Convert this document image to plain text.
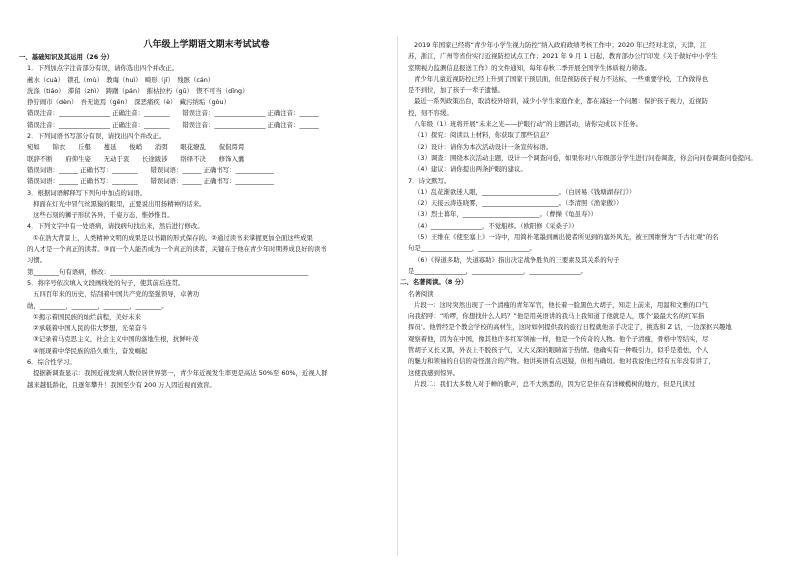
八年级上学期语文期末考试试卷

一、基础知识及其运用（26 分）

1．下列加点字注音部分有误，请你选出四个并改正。

蘸水（cuà）　锁孔（mù）　教诲（huì）　畸形（jī）　残骸（cán）

洗涤（tiáo）　滞留（zhì）　踌躇（pán）　摧枯拉朽（gū）　锲不可当（dīng）

狰狞闹市（dèn）　吾无诡焉（gēn）　深恶痛疾（è）　藏污纳垢（gòu）

错误注音：________________ 正确注音：________　　错误注音：________________ 正确注音：______

错误注音：________________ 正确注音：________　　错误注音：________________ 正确注音：______

2．下列词语书写部分有误，请找出四个并改正。

宛如　　锦衣　　丘壑　　蔓延　　俊峭　　消弭　　眼花缭乱　　侃侃谔谔

联辞不断　　府仰生姿　　无动于衷　　长途跋涉　　络绎不决　　修饰入囊

错误词语：______ 正确书写：________　　错误词语：______ 正确书写：____________

错误词语：______ 正确书写：________　　错误词语：______ 正确书写：____________

3．根据词语解释写下列句中加点的词语。

抑面在灯光中冒气丝黑猿的眼里，正要说出用扬精神的话来。

这些石刻的狮子形状各异，千姿万态，惟妙惟肖。

4．下列文字中有一处语病，请找病句找出来，然后进行修改。

①在浩大背景上，人类精神文明的成果是以书籍的形式保存的。②通过读书来掌握更加全面这些成果

的人才是一个真正的读者。③而一个人能否成为一个真正的读者，关键在于他在青少年时期养成良好的读书

习惯。

第________句有语病，修改：______________________________________________________________

5．将序号依次填入文段画线处的句子，使其前后连贯。

五四百年来的历史，结刮着中国共产党的坚强领导，卓著功

勋，________，________，________，________。

①揭示着国民族的灿烂前程，美好未来

②承载着中国人民的伟大梦想，光荣奋斗

③记录着马克思主义，社会主义中国的落地生根，抗鲜叶茂

④展现着中华民族的沿久重生，奋发崛起

6．综合性学习。

提据新调查显示：我国近视发病人数位居世界第一，青少年近视发生率更是高达 50%至 60%，近视人群

越来越低龄化，且逐年攀升！我国至少有 200 万人因近视而致盲。

2019 年国家已经将“青少年小学生视力防控”纳入政府政绩考核工作中；2020 年已经对北京，天津，江

苏，浙江，广州等省份实行近视防控试点工作；2021 年 9 月 1 日起，教育部办公厅印发《关于做好中小学生

室期视力监测信息报送工作》的文件通知，每年春秋二季开展全国学生体质视力筛查。

青少年儿童近视防控已经上升到了国家干预层面，但是预防孩子视力不达标，一些重要学校，工作做得也

是不到位，加了孩子一辈子遗憾。

最近一系列政策出台，取消校外培训，减少小学生家庭作业，都在减轻一个问题：保护孩子视力，近视防

控，刻不容缓。

八年级（1）班将开展“未来之光——护眼行动”的主题活动，请你完成以下任务。

（1）探究：阅读以上材料，你获取了那些信息？

（2）设计：请你为本次活动设计一条宣传标语。

（3）调查：围绕本次活动主题，设计一个调查问卷，如果你对八年级部分学生进行问卷调查，你会向问卷调查问卷提问。

（4）建议：请你提出两条护眼的建议。

7．诗文默写。

（1）乱花渐欲迷人眼，________________________。（白居易《钱塘湖春行》）

（2）天接云涛连晓雾，________________________。（李清照《渔家傲》）

（3）烈士暮年，________________________。（曹操《龟虽寿》）

（4）________________，不觉船移。（欧阳修《采桑子》）

（5）王维在《使至塞上》一诗中，用简朴笔墨到画出使者所见到的塞外风光，被王国维誉为“千古壮观”的名

句是________________，________________。

（6）《得道多助，失道寡助》指出决定战争胜负的三要素及其关系的句子

是________________，________________，________________。

二、名著阅读。（8 分）

名著阅读

片段一：这时突然出现了一个清瘦的青年军官，他长着一脸黑色大胡子，知走上前来，用温和文雅的口气

向我招呼：“哈啰，你想找什么人吗？”他是用英语讲的我马上我知道了他就是人，那个‘最最大名的红军指

挥员’。他曾经是个教会学校的高材生，这时如何提供我的旅行日程就他亲手决定了，挑选和 Z 话，一边深抠兴趣地

观察着他，因为在中国，像其他许多红军领袖一样，他是一个传奇的人物。他个子清瘦，骨格中等结实，尽

管胡子又长又黑，外表上不脱孩子气，又大又深的眼睛富于热情。他确实有一种吸引力，似乎是羞怯，个人

的魅力和领袖的自信的奇怪混合的产物。他讲英语有点迟疑，但相当确切。他对我说他已经有五年没有讲了，

这使我感到惊异。

片段二：我们大多数人对于蝉的歌声，总不大熟悉的，因为它是住在有洋橄榄树的地方，但是凡读过
